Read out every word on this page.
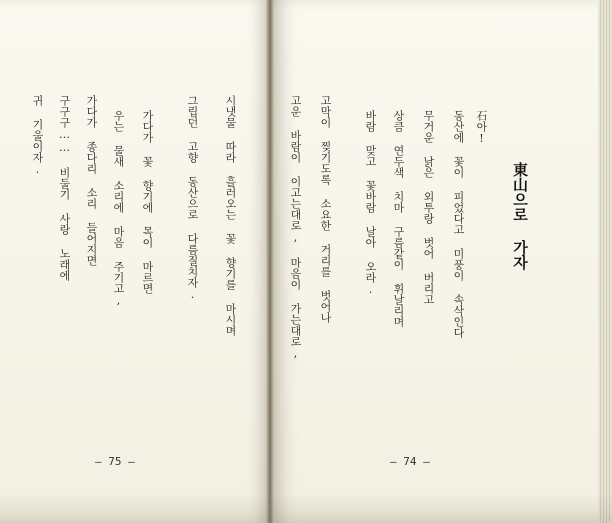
시냇물 따라 흘러오는 꽃 향기를 마시며
그립던 고향 동산으로 다름질치자.
가다가 꽃 향기에 목이 마르면
우는 물새 소리에 마음 주기고,
가다가 종다리 소리 들어지면
구구구…… 비둘기 사랑 노래에
귀 기울이자.
— 75 —
東山으로 가자
石아!
동산에 꽃이 피었다고 미풍이 속삭인다
무거운 낡은 외투랑 벗어 버리고
상큼 연두색 치마 구름같이 휘날리며
바람 맞고 꽃바람 날아 오라.
고막이 찢기도록 소요한 거리를 벗어나
고운 바람이 이고는대로, 마음이 가는대로,
— 74 —
